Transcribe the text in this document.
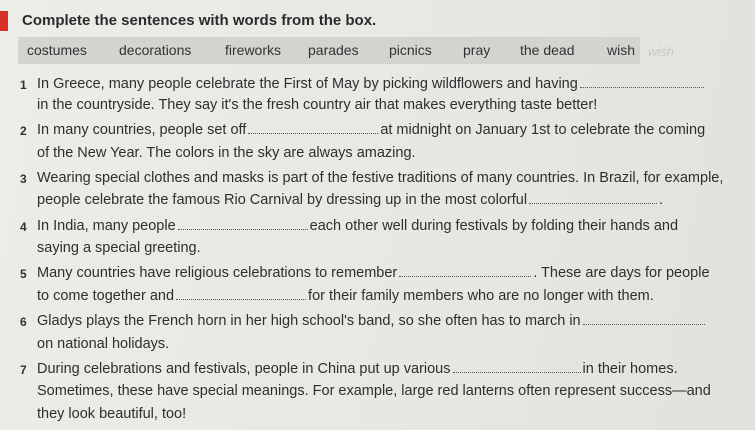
Complete the sentences with words from the box.
costumes decorations fireworks parades picnics pray the dead wish wish
1 In Greece, many people celebrate the First of May by picking wildflowers and having
in the countryside. They say it's the fresh country air that makes everything taste better!
2 In many countries, people set off	at midnight on January 1st to celebrate the coming
of the New Year. The colors in the sky are always amazing.
3 Wearing special clothes and masks is part of the festive traditions of many countries. In Brazil, for example,
people celebrate the famous Rio Carnival by dressing up in the most colorful	.
4 In India, many people	each other well during festivals by folding their hands and
saying a special greeting.
5 Many countries have religious celebrations to remember	. These are days for people
to come together and	for their family members who are no longer with them.
6 Gladys plays the French horn in her high school's band, so she often has to march in
on national holidays.
7 During celebrations and festivals, people in China put up various	in their homes.
Sometimes, these have special meanings. For example, large red lanterns often represent success—and
they look beautiful, too!
